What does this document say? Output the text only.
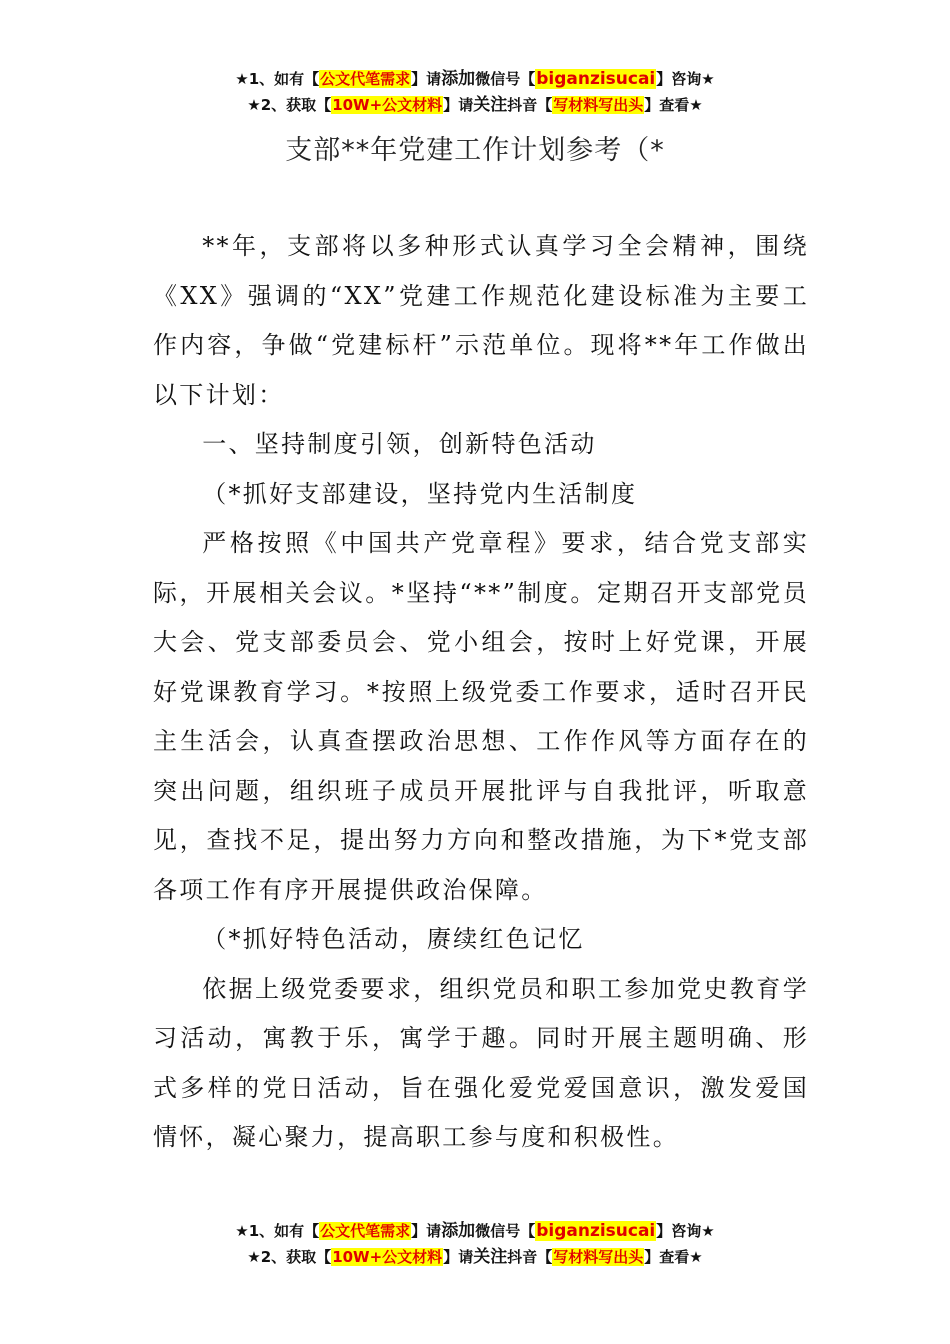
★1、如有【公文代笔需求】请添加微信号【biganzisucai】咨询★
★2、获取【10W+公文材料】请关注抖音【写材料写出头】查看★
支部**年党建工作计划参考（*

**年，支部将以多种形式认真学习全会精神，围绕《XX》强调的“XX”党建工作规范化建设标准为主要工作内容，争做“党建标杆”示范单位。现将**年工作做出以下计划：

一、坚持制度引领，创新特色活动

（*抓好支部建设，坚持党内生活制度

严格按照《中国共产党章程》要求，结合党支部实际，开展相关会议。*坚持“**”制度。定期召开支部党员大会、党支部委员会、党小组会，按时上好党课，开展好党课教育学习。*按照上级党委工作要求，适时召开民主生活会，认真查摆政治思想、工作作风等方面存在的突出问题，组织班子成员开展批评与自我批评，听取意见，查找不足，提出努力方向和整改措施，为下*党支部各项工作有序开展提供政治保障。

（*抓好特色活动，赓续红色记忆

依据上级党委要求，组织党员和职工参加党史教育学习活动，寓教于乐，寓学于趣。同时开展主题明确、形式多样的党日活动，旨在强化爱党爱国意识，激发爱国情怀，凝心聚力，提高职工参与度和积极性。

★1、如有【公文代笔需求】请添加微信号【biganzisucai】咨询★
★2、获取【10W+公文材料】请关注抖音【写材料写出头】查看★
